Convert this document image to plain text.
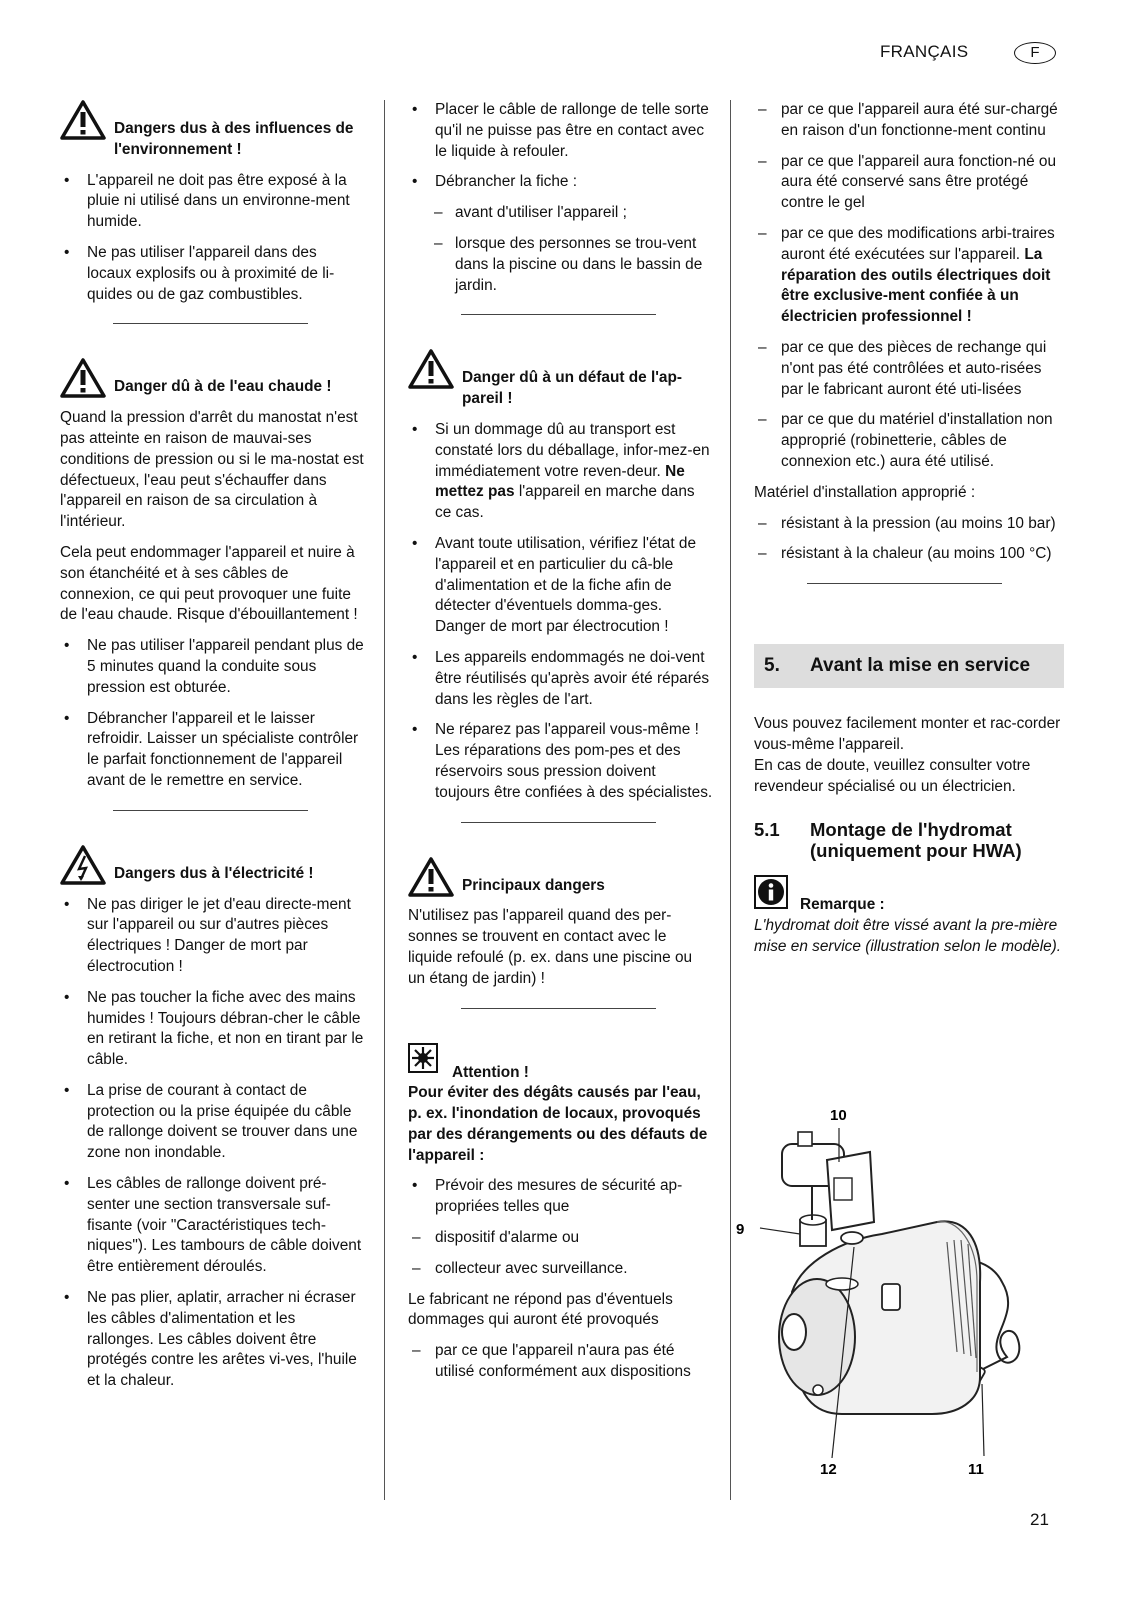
FRANÇAIS	F
Dangers dus à des influences de l'environnement !
• L'appareil ne doit pas être exposé à la pluie ni utilisé dans un environne-ment humide.
• Ne pas utiliser l'appareil dans des locaux explosifs ou à proximité de li-quides ou de gaz combustibles.
Danger dû à de l'eau chaude !

Quand la pression d'arrêt du manostat n'est pas atteinte en raison de mauvai-ses conditions de pression ou si le ma-nostat est défectueux, l'eau peut s'échauffer dans l'appareil en raison de sa circulation à l'intérieur.

Cela peut endommager l'appareil et nuire à son étanchéité et à ses câbles de connexion, ce qui peut provoquer une fuite de l'eau chaude. Risque d'ébouillantement !

• Ne pas utiliser l'appareil pendant plus de 5 minutes quand la conduite sous pression est obturée.
• Débrancher l'appareil et le laisser refroidir. Laisser un spécialiste contrôler le parfait fonctionnement de l'appareil avant de le remettre en service.
Dangers dus à l'électricité !
• Ne pas diriger le jet d'eau directe-ment sur l'appareil ou sur d'autres pièces électriques ! Danger de mort par électrocution !
• Ne pas toucher la fiche avec des mains humides ! Toujours débran-cher le câble en retirant la fiche, et non en tirant par le câble.
• La prise de courant à contact de protection ou la prise équipée du câble de rallonge doivent se trouver dans une zone non inondable.
• Les câbles de rallonge doivent pré-senter une section transversale suf-fisante (voir "Caractéristiques tech-niques"). Les tambours de câble doivent être entièrement déroulés.
• Ne pas plier, aplatir, arracher ni écraser les câbles d'alimentation et les rallonges. Les câbles doivent être protégés contre les arêtes vi-ves, l'huile et la chaleur.
• Placer le câble de rallonge de telle sorte qu'il ne puisse pas être en contact avec le liquide à refouler.
• Débrancher la fiche :
– avant d'utiliser l'appareil ;
– lorsque des personnes se trou-vent dans la piscine ou dans le bassin de jardin.
Danger dû à un défaut de l'ap-pareil !
• Si un dommage dû au transport est constaté lors du déballage, infor-mez-en immédiatement votre reven-deur. Ne mettez pas l'appareil en marche dans ce cas.
• Avant toute utilisation, vérifiez l'état de l'appareil et en particulier du câ-ble d'alimentation et de la fiche afin de détecter d'éventuels domma-ges. Danger de mort par électrocution !
• Les appareils endommagés ne doi-vent être réutilisés qu'après avoir été réparés dans les règles de l'art.
• Ne réparez pas l'appareil vous-même ! Les réparations des pom-pes et des réservoirs sous pression doivent toujours être confiées à des spécialistes.
Principaux dangers

N'utilisez pas l'appareil quand des per-sonnes se trouvent en contact avec le liquide refoulé (p. ex. dans une piscine ou un étang de jardin) !

Attention !

Pour éviter des dégâts causés par l'eau, p. ex. l'inondation de locaux, provoqués par des dérangements ou des défauts de l'appareil :

• Prévoir des mesures de sécurité ap-propriées telles que
– dispositif d'alarme ou
– collecteur avec surveillance.

Le fabricant ne répond pas d'éventuels dommages qui auront été provoqués

– par ce que l'appareil n'aura pas été utilisé conformément aux dispositions
– par ce que l'appareil aura été sur-chargé en raison d'un fonctionne-ment continu
– par ce que l'appareil aura fonction-né ou aura été conservé sans être protégé contre le gel
– par ce que des modifications arbi-traires auront été exécutées sur l'appareil. La réparation des outils électriques doit être exclusive-ment confiée à un électricien professionnel !
– par ce que des pièces de rechange qui n'ont pas été contrôlées et auto-risées par le fabricant auront été uti-lisées
– par ce que du matériel d'installation non approprié (robinetterie, câbles de connexion etc.) aura été utilisé.

Matériel d'installation approprié :

– résistant à la pression (au moins 10 bar)
– résistant à la chaleur (au moins 100 °C)
5. Avant la mise en service

Vous pouvez facilement monter et rac-corder vous-même l'appareil.

En cas de doute, veuillez consulter votre revendeur spécialisé ou un électricien.

5.1 Montage de l'hydromat (uniquement pour HWA)
Remarque :

L'hydromat doit être vissé avant la pre-mière mise en service (illustration selon le modèle).

10
9
12	11
21
